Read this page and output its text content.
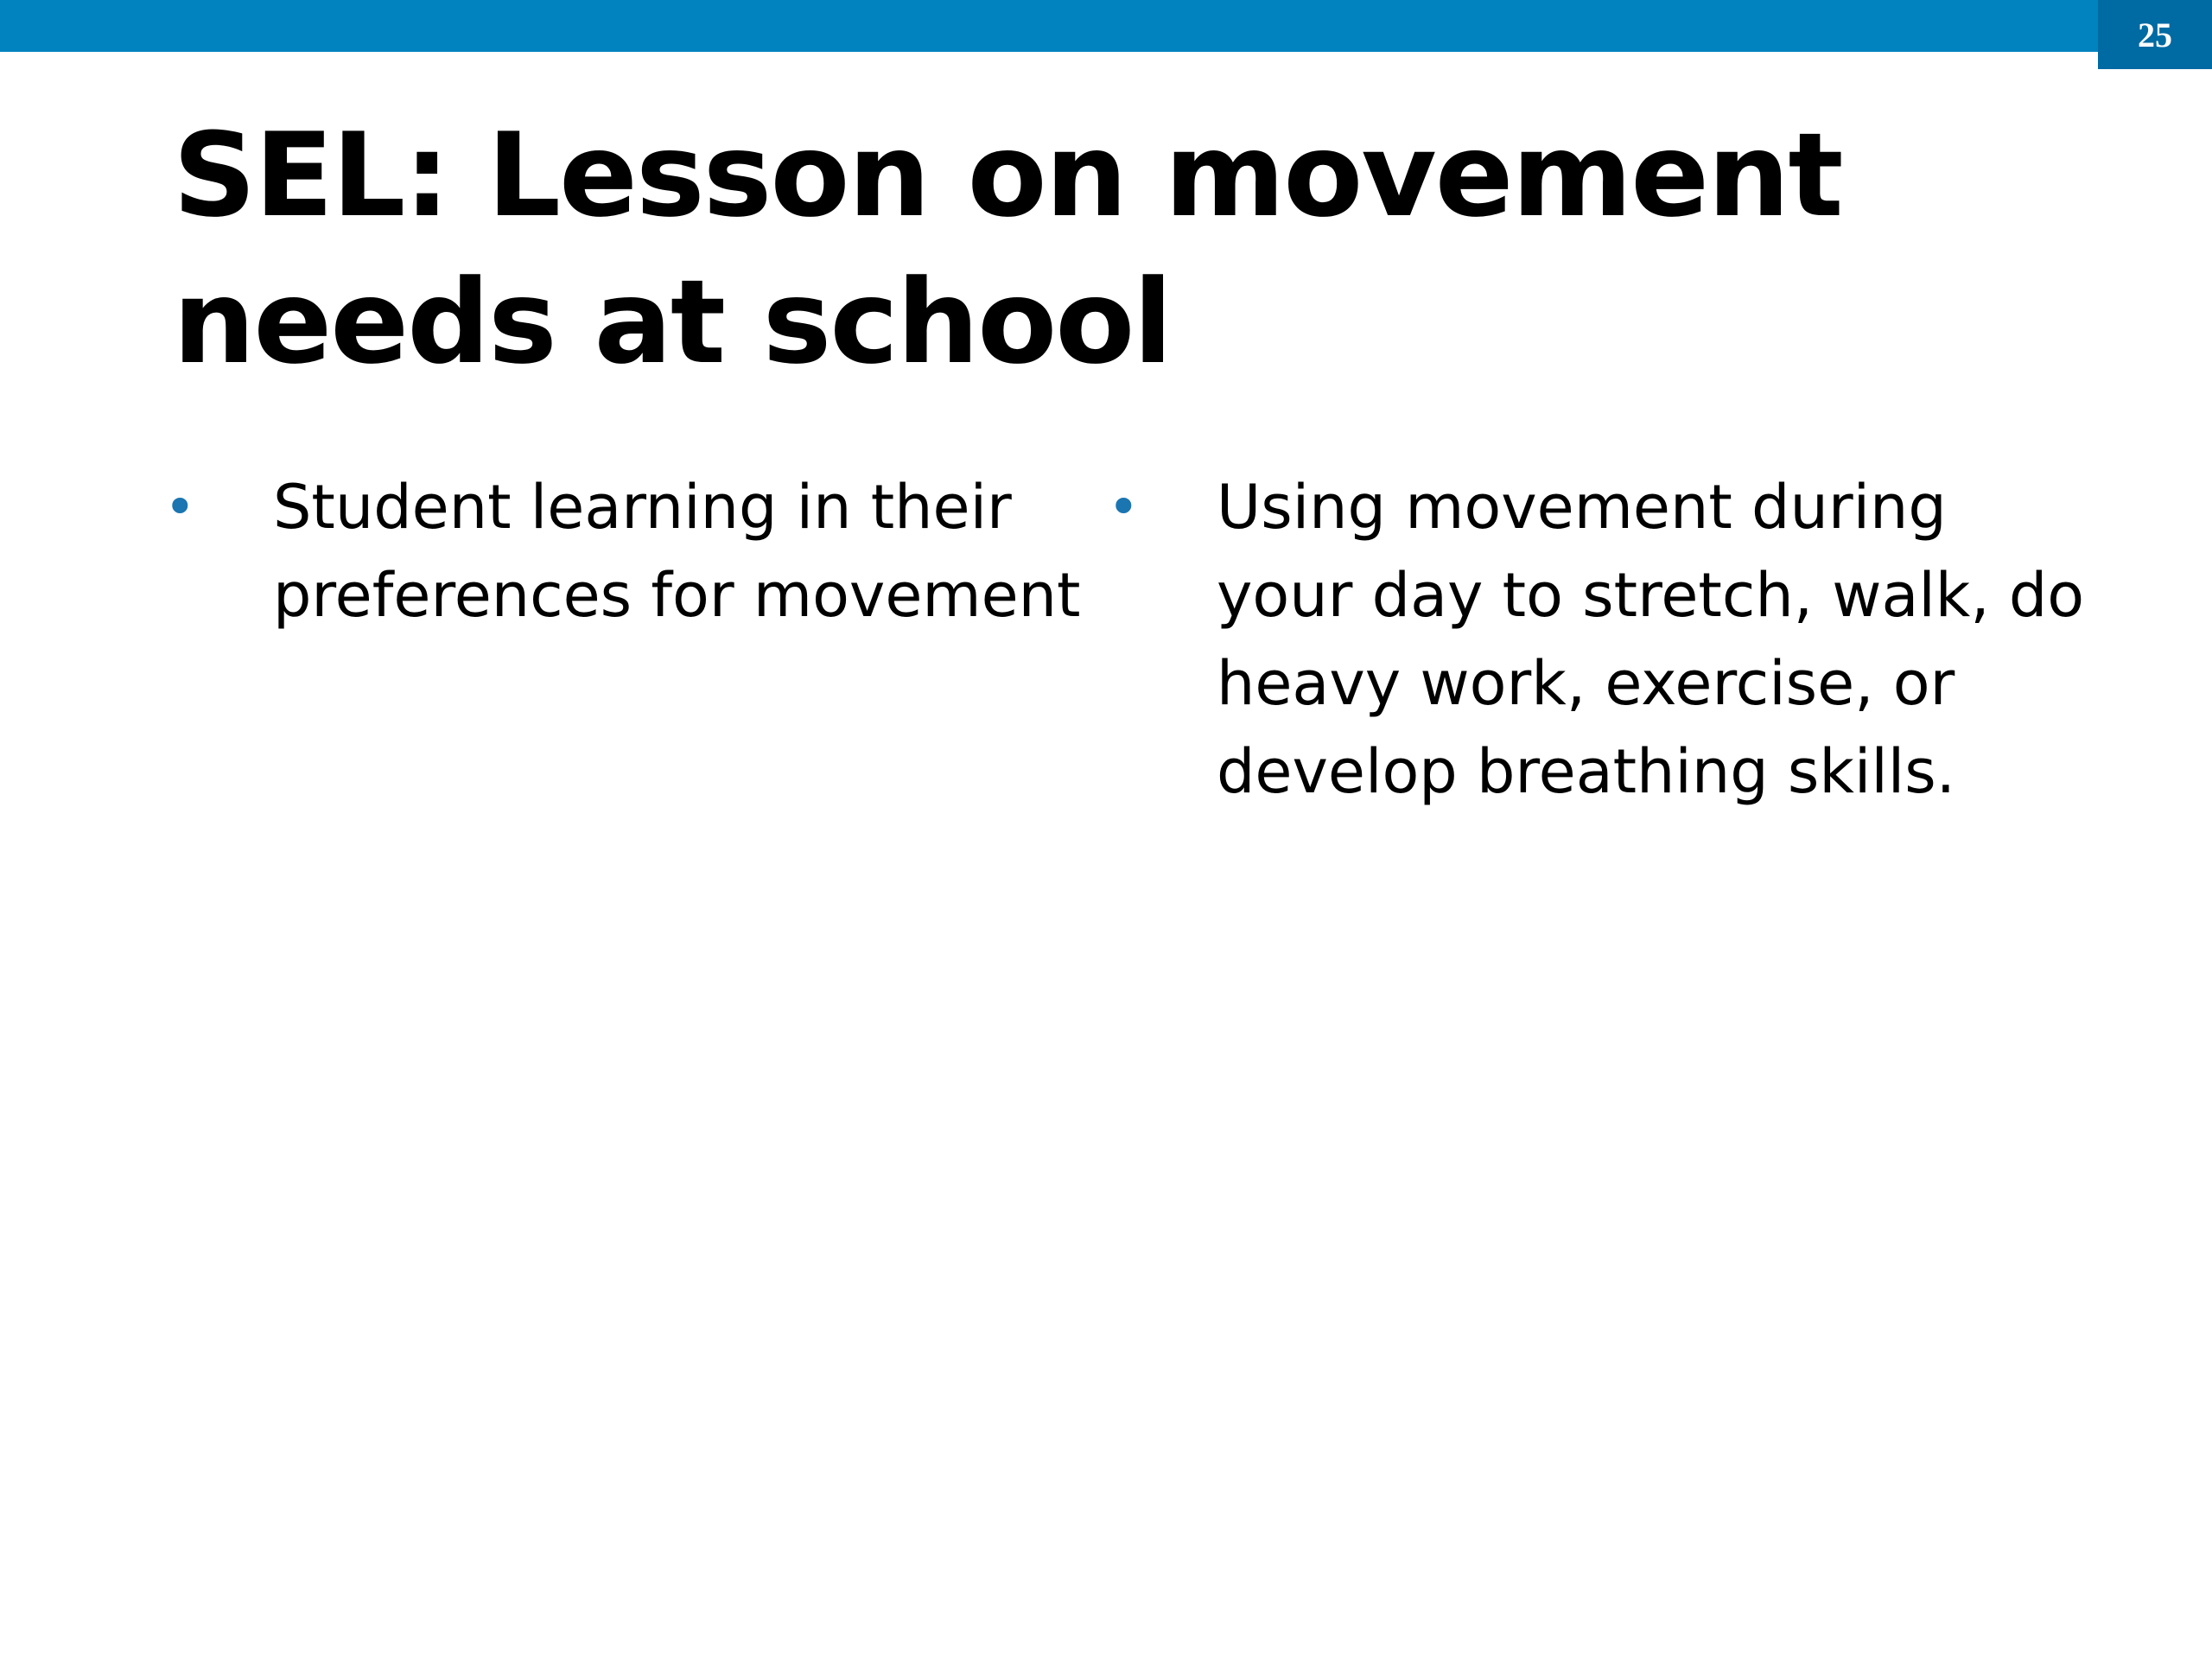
25
SEL: Lesson on movement needs at school
• Student learning in their preferences for movement
• Using movement during your day to stretch, walk, do heavy work, exercise, or develop breathing skills.
